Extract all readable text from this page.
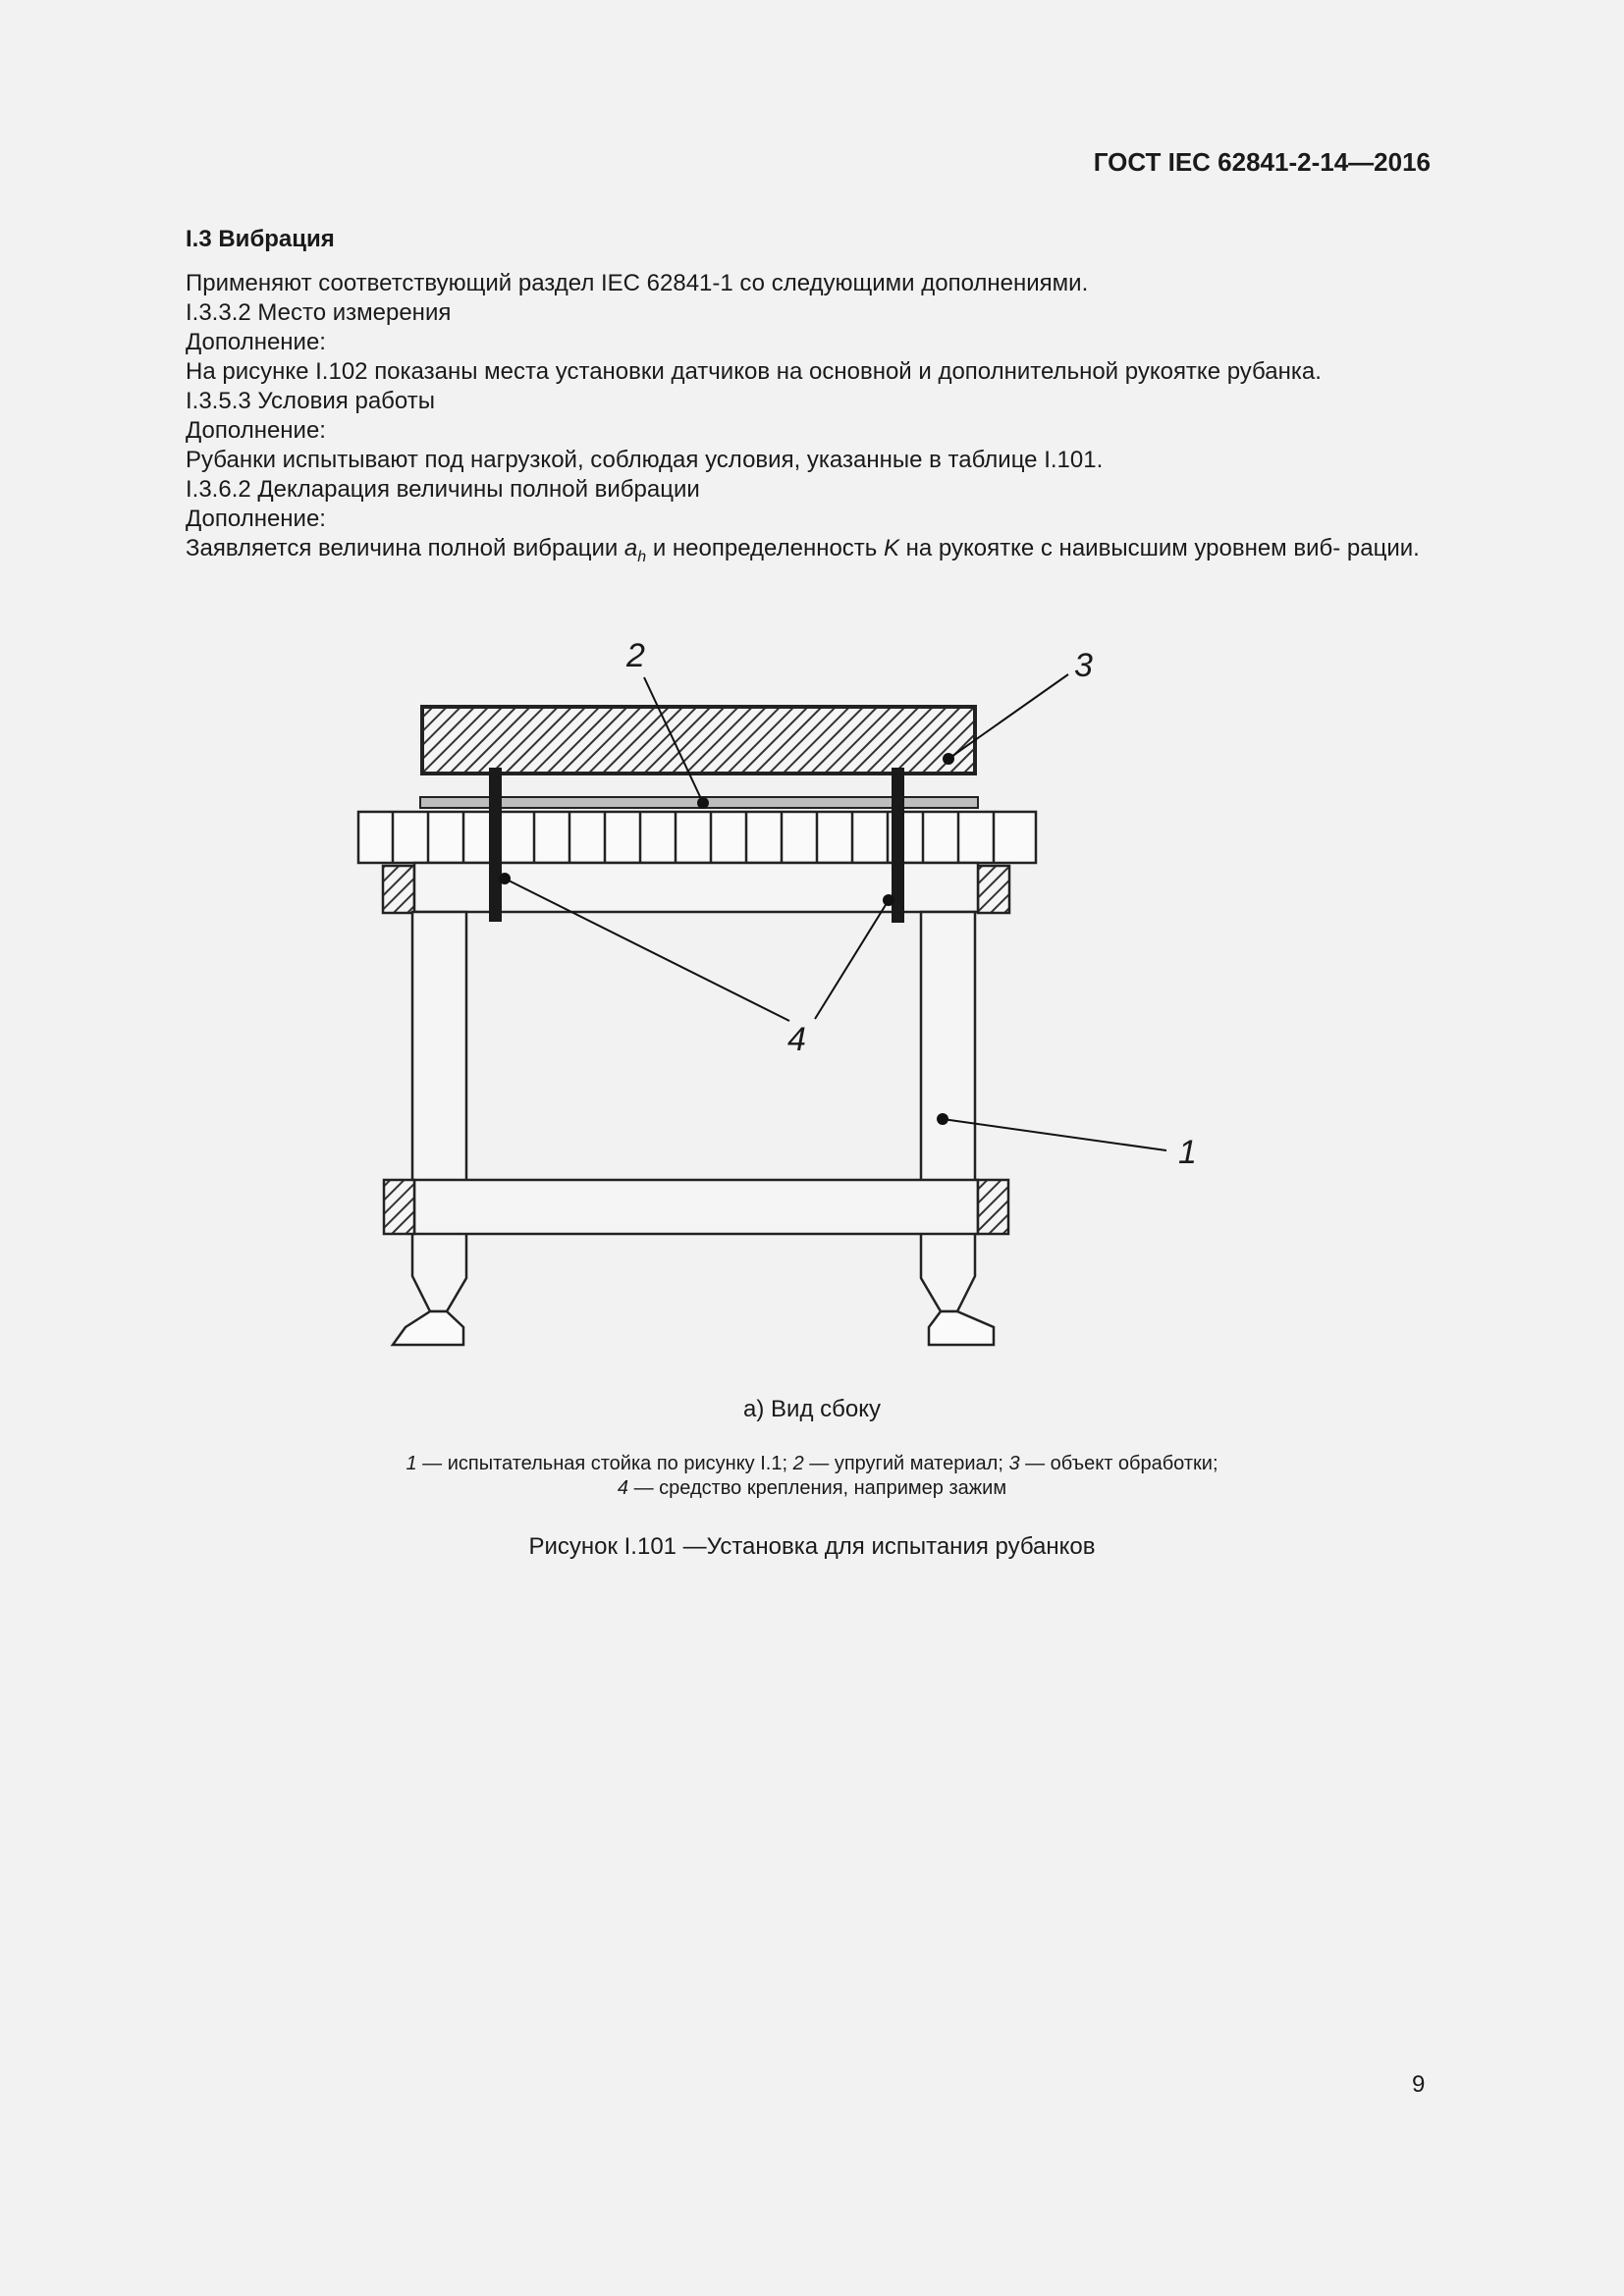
ГОСТ IEC 62841-2-14—2016
I.3 Вибрация
Применяют соответствующий раздел IEC 62841-1 со следующими дополнениями.
I.3.3.2 Место измерения
Дополнение:
На рисунке I.102 показаны места установки датчиков на основной и дополнительной рукоятке рубанка.
I.3.5.3 Условия работы
Дополнение:
Рубанки испытывают под нагрузкой, соблюдая условия, указанные в таблице I.101.
I.3.6.2 Декларация величины полной вибрации
Дополнение:
Заявляется величина полной вибрации $a_h$ и неопределенность K на рукоятке с наивысшим уровнем виб- рации.
2	3
4
1
а) Вид сбоку
1 — испытательная стойка по рисунку I.1; 2 — упругий материал; 3 — объект обработки;
4 — средство крепления, например зажим
Рисунок I.101 —Установка для испытания рубанков
9
